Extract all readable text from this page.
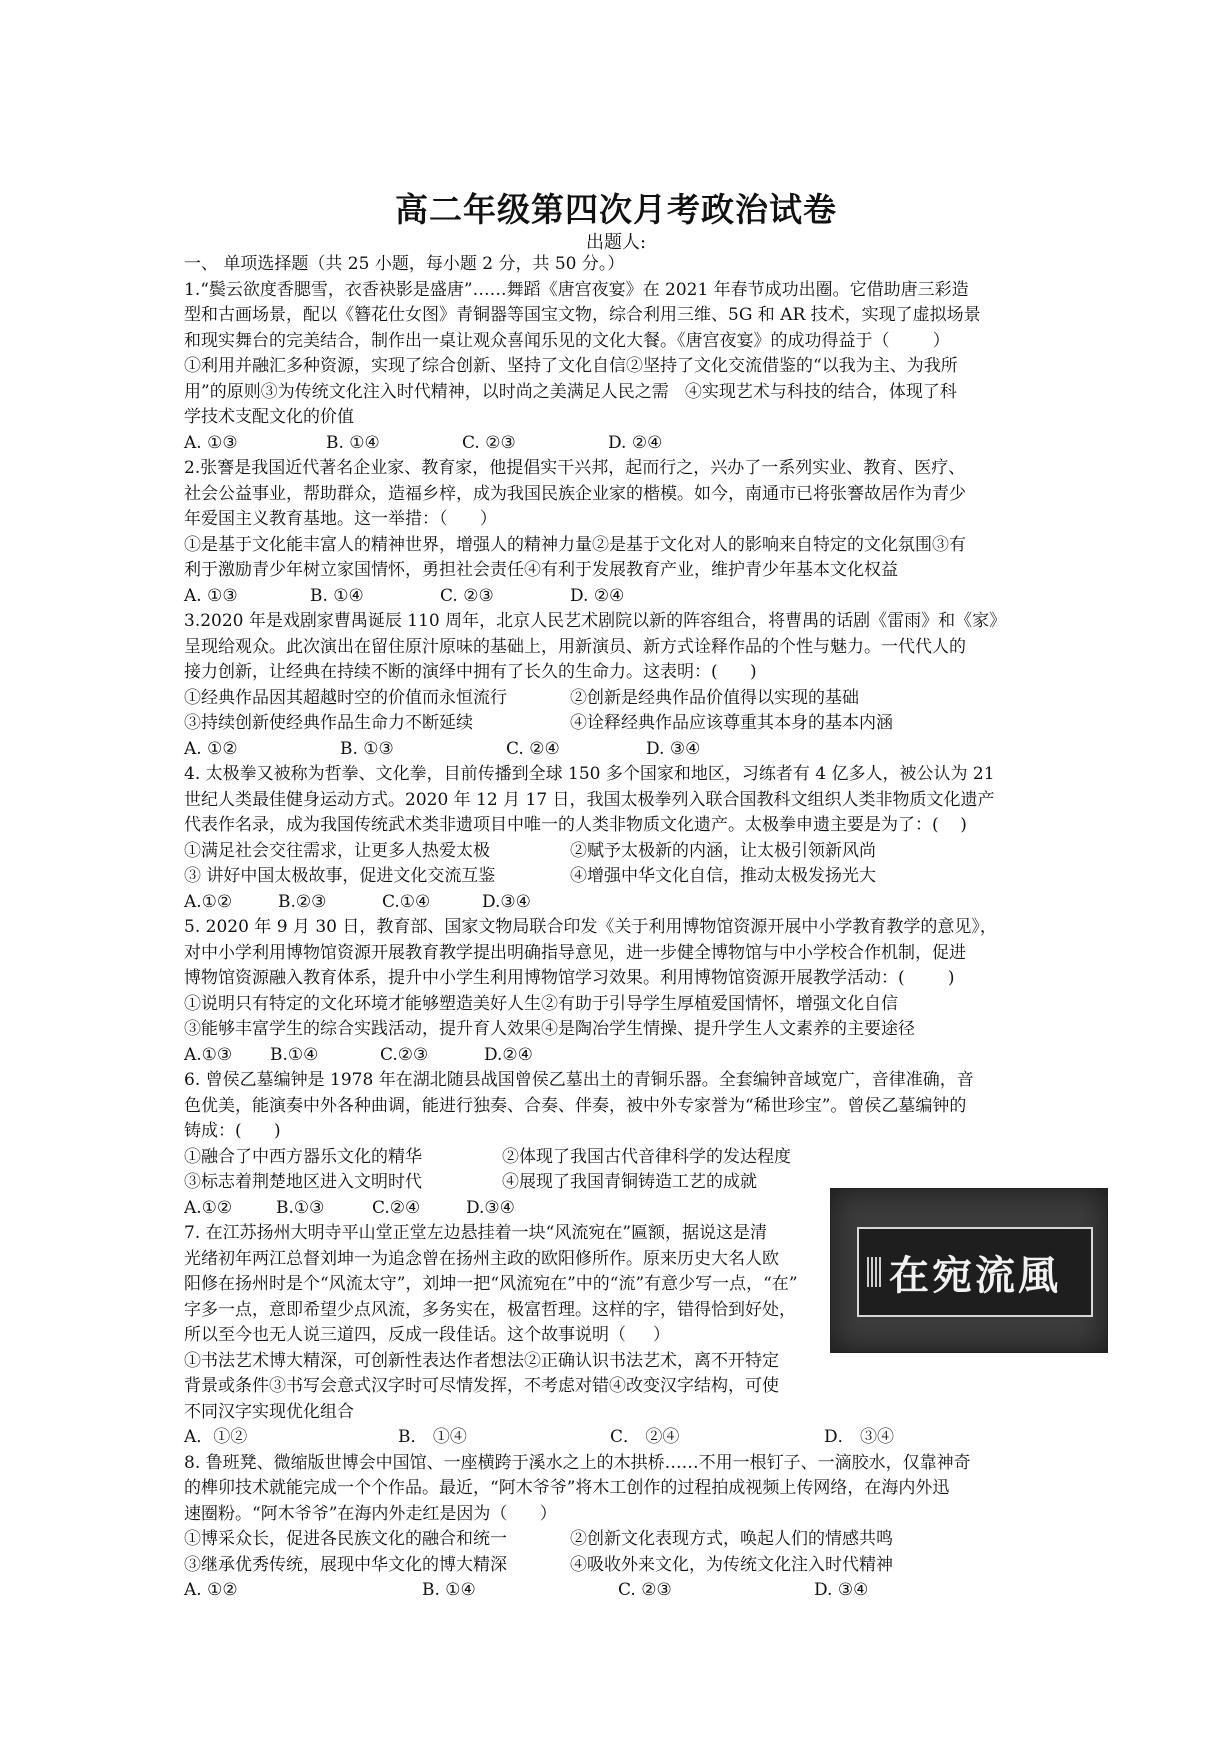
高二年级第四次月考政治试卷
出题人:
一、 单项选择题（共 25 小题，每小题 2 分，共 50 分。）
1.“鬓云欲度香腮雪，衣香袂影是盛唐”……舞蹈《唐宫夜宴》在 2021 年春节成功出圈。它借助唐三彩造
型和古画场景，配以《簪花仕女图》青铜器等国宝文物，综合利用三维、5G 和 AR 技术，实现了虚拟场景
和现实舞台的完美结合，制作出一桌让观众喜闻乐见的文化大餐。《唐宫夜宴》的成功得益于（        ）
①利用并融汇多种资源，实现了综合创新、坚持了文化自信②坚持了文化交流借鉴的“以我为主、为我所
用”的原则③为传统文化注入时代精神，以时尚之美满足人民之需   ④实现艺术与科技的结合，体现了科
学技术支配文化的价值
A. ①③	B. ①④	C. ②③	D. ②④
2.张謇是我国近代著名企业家、教育家，他提倡实干兴邦，起而行之，兴办了一系列实业、教育、医疗、
社会公益事业，帮助群众，造福乡梓，成为我国民族企业家的楷模。如今，南通市已将张謇故居作为青少
年爱国主义教育基地。这一举措：（      ）
①是基于文化能丰富人的精神世界，增强人的精神力量②是基于文化对人的影响来自特定的文化氛围③有
利于激励青少年树立家国情怀，勇担社会责任④有利于发展教育产业，维护青少年基本文化权益
A. ①③	B. ①④	C. ②③	D. ②④
3.2020 年是戏剧家曹禺诞辰 110 周年，北京人民艺术剧院以新的阵容组合，将曹禺的话剧《雷雨》和《家》
呈现给观众。此次演出在留住原汁原味的基础上，用新演员、新方式诠释作品的个性与魅力。一代代人的
接力创新，让经典在持续不断的演绎中拥有了长久的生命力。这表明：(      )
①经典作品因其超越时空的价值而永恒流行	②创新是经典作品价值得以实现的基础
③持续创新使经典作品生命力不断延续	④诠释经典作品应该尊重其本身的基本内涵
A. ①②	B. ①③	C. ②④	D. ③④
4. 太极拳又被称为哲拳、文化拳，目前传播到全球 150 多个国家和地区，习练者有 4 亿多人，被公认为 21
世纪人类最佳健身运动方式。2020 年 12 月 17 日，我国太极拳列入联合国教科文组织人类非物质文化遗产
代表作名录，成为我国传统武术类非遗项目中唯一的人类非物质文化遗产。太极拳申遗主要是为了：(    )
①满足社会交往需求，让更多人热爱太极	②赋予太极新的内涵，让太极引领新风尚
③ 讲好中国太极故事，促进文化交流互鉴	④增强中华文化自信，推动太极发扬光大
A.①②	B.②③	C.①④	D.③④
5. 2020 年 9 月 30 日，教育部、国家文物局联合印发《关于利用博物馆资源开展中小学教育教学的意见》，
对中小学利用博物馆资源开展教育教学提出明确指导意见，进一步健全博物馆与中小学校合作机制，促进
博物馆资源融入教育体系，提升中小学生利用博物馆学习效果。利用博物馆资源开展教学活动：(        )
①说明只有特定的文化环境才能够塑造美好人生②有助于引导学生厚植爱国情怀，增强文化自信
③能够丰富学生的综合实践活动，提升育人效果④是陶冶学生情操、提升学生人文素养的主要途径
A.①③	B.①④	C.②③	D.②④
6. 曾侯乙墓编钟是 1978 年在湖北随县战国曾侯乙墓出土的青铜乐器。全套编钟音域宽广，音律准确，音
色优美，能演奏中外各种曲调，能进行独奏、合奏、伴奏，被中外专家誉为“稀世珍宝”。曾侯乙墓编钟的
铸成：(      )
①融合了中西方器乐文化的精华	②体现了我国古代音律科学的发达程度
③标志着荆楚地区进入文明时代	④展现了我国青铜铸造工艺的成就
A.①②	B.①③	C.②④	D.③④
7. 在江苏扬州大明寺平山堂正堂左边悬挂着一块“风流宛在”匾额，据说这是清
光绪初年两江总督刘坤一为追念曾在扬州主政的欧阳修所作。原来历史大名人欧
阳修在扬州时是个“风流太守”，刘坤一把“风流宛在”中的“流”有意少写一点，“在”
字多一点，意即希望少点风流，多务实在，极富哲理。这样的字，错得恰到好处，
所以至今也无人说三道四，反成一段佳话。这个故事说明（     ）
①书法艺术博大精深，可创新性表达作者想法②正确认识书法艺术，离不开特定
背景或条件③书写会意式汉字时可尽情发挥，不考虑对错④改变汉字结构，可使
不同汉字实现优化组合
A．①②	B． ①④	C． ②④	D． ③④
8. 鲁班凳、微缩版世博会中国馆、一座横跨于溪水之上的木拱桥……不用一根钉子、一滴胶水，仅靠神奇
的榫卯技术就能完成一个个作品。最近，“阿木爷爷”将木工创作的过程拍成视频上传网络，在海内外迅
速圈粉。“阿木爷爷”在海内外走红是因为（      ）
①博采众长，促进各民族文化的融合和统一	②创新文化表现方式，唤起人们的情感共鸣
③继承优秀传统，展现中华文化的博大精深	④吸收外来文化，为传统文化注入时代精神
A. ①②	B. ①④	C. ②③	D. ③④
在宛流風
